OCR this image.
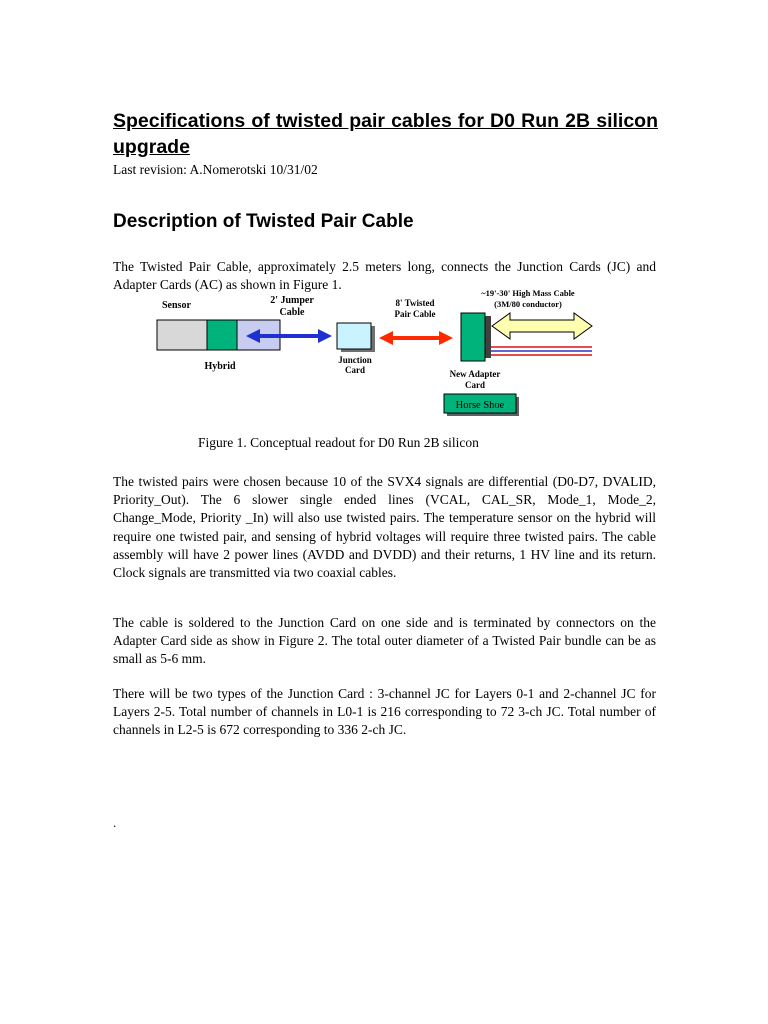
Specifications of twisted pair cables for D0 Run 2B silicon upgrade

Last revision: A.Nomerotski 10/31/02

Description of Twisted Pair Cable

The Twisted Pair Cable, approximately 2.5 meters long, connects the Junction Cards (JC) and Adapter Cards (AC) as shown in Figure 1.

Sensor	2' Jumper
Cable
8' Twisted
Pair Cable
~19'-30' High Mass Cable
(3M/80 conductor)
Hybrid
Junction
Card	New Adapter
Card
Horse Shoe

Figure 1. Conceptual readout for D0 Run 2B silicon

The twisted pairs were chosen because 10 of the SVX4 signals are differential (D0-D7, DVALID, Priority_Out). The 6 slower single ended lines (VCAL, CAL_SR, Mode_1, Mode_2, Change_Mode, Priority _In) will also use twisted pairs. The temperature sensor on the hybrid will require one twisted pair, and sensing of hybrid voltages will require three twisted pairs. The cable assembly will have 2 power lines (AVDD and DVDD) and their returns, 1 HV line and its return. Clock signals are transmitted via two coaxial cables.

The cable is soldered to the Junction Card on one side and is terminated by connectors on the Adapter Card side as show in Figure 2. The total outer diameter of a Twisted Pair bundle can be as small as 5-6 mm.

There will be two types of the Junction Card : 3-channel JC for Layers 0-1 and 2-channel JC for Layers 2-5. Total number of channels in L0-1 is 216 corresponding to 72 3-ch JC. Total number of channels in L2-5 is 672 corresponding to 336 2-ch JC.

.
